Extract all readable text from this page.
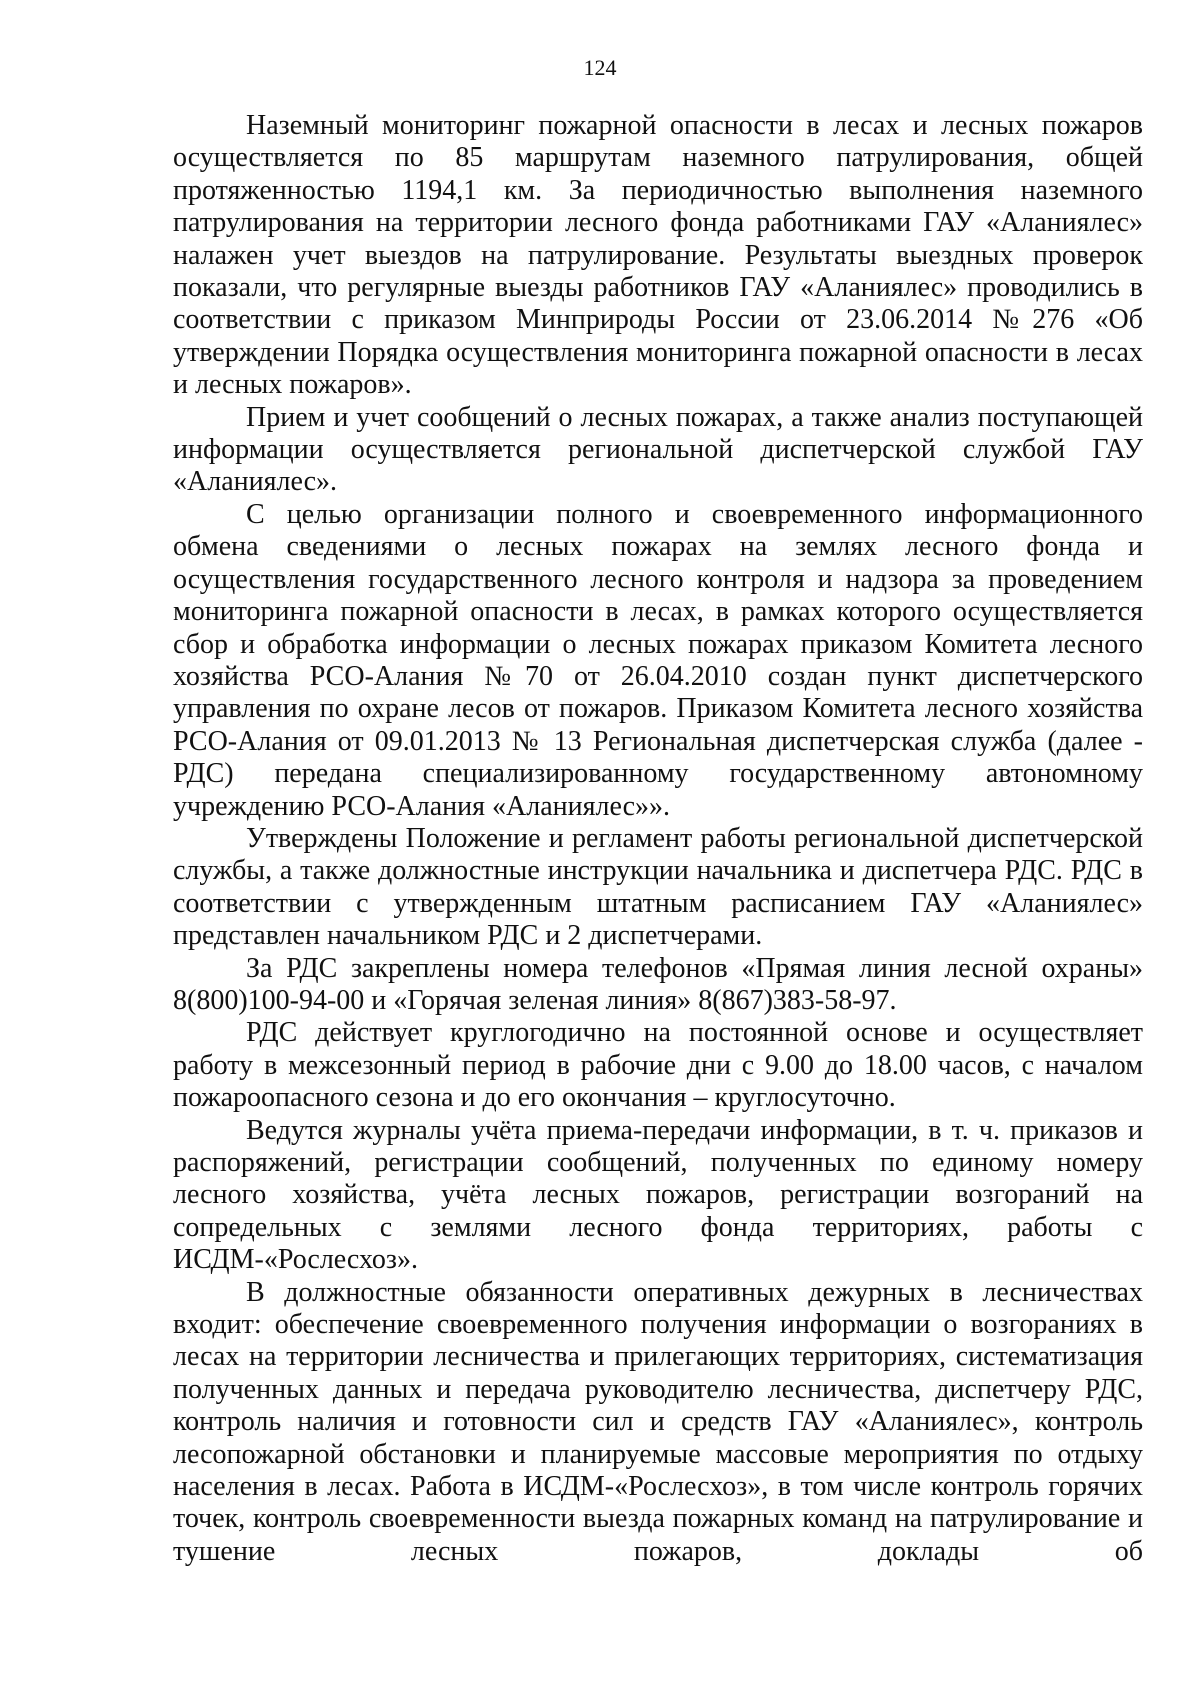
124

Наземный мониторинг пожарной опасности в лесах и лесных пожаров осуществляется по 85 маршрутам наземного патрулирования, общей протяженностью 1194,1 км. За периодичностью выполнения наземного патрулирования на территории лесного фонда работниками ГАУ «Аланиялес» налажен учет выездов на патрулирование. Результаты выездных проверок показали, что регулярные выезды работников ГАУ «Аланиялес» проводились в соответствии с приказом Минприроды России от 23.06.2014 №276 «Об утверждении Порядка осуществления мониторинга пожарной опасности в лесах и лесных пожаров».

Прием и учет сообщений о лесных пожарах, а также анализ поступающей информации осуществляется региональной диспетчерской службой ГАУ «Аланиялес».

С целью организации полного и своевременного информационного обмена сведениями о лесных пожарах на землях лесного фонда и осуществления государственного лесного контроля и надзора за проведением мониторинга пожарной опасности в лесах, в рамках которого осуществляется сбор и обработка информации о лесных пожарах приказом Комитета лесного хозяйства РСО-Алания №70 от 26.04.2010 создан пункт диспетчерского управления по охране лесов от пожаров. Приказом Комитета лесного хозяйства РСО-Алания от 09.01.2013 № 13 Региональная диспетчерская служба (далее - РДС) передана специализированному государственному автономному учреждению РСО-Алания «Аланиялес»».

Утверждены Положение и регламент работы региональной диспетчерской службы, а также должностные инструкции начальника и диспетчера РДС. РДС в соответствии с утвержденным штатным расписанием ГАУ «Аланиялес» представлен начальником РДС и 2 диспетчерами.

За РДС закреплены номера телефонов «Прямая линия лесной охраны» 8(800)100-94-00 и «Горячая зеленая линия» 8(867)383-58-97.

РДС действует круглогодично на постоянной основе и осуществляет работу в межсезонный период в рабочие дни с 9.00 до 18.00 часов, с началом пожароопасного сезона и до его окончания – круглосуточно.

Ведутся журналы учёта приема-передачи информации, в т. ч. приказов и распоряжений, регистрации сообщений, полученных по единому номеру лесного хозяйства, учёта лесных пожаров, регистрации возгораний на сопредельных с землями лесного фонда территориях, работы с ИСДМ-«Рослесхоз».

В должностные обязанности оперативных дежурных в лесничествах входит: обеспечение своевременного получения информации о возгораниях в лесах на территории лесничества и прилегающих территориях, систематизация полученных данных и передача руководителю лесничества, диспетчеру РДС, контроль наличия и готовности сил и средств ГАУ «Аланиялес», контроль лесопожарной обстановки и планируемые массовые мероприятия по отдыху населения в лесах. Работа в ИСДМ-«Рослесхоз», в том числе контроль горячих точек, контроль своевременности выезда пожарных команд на патрулирование и тушение лесных пожаров, доклады об
